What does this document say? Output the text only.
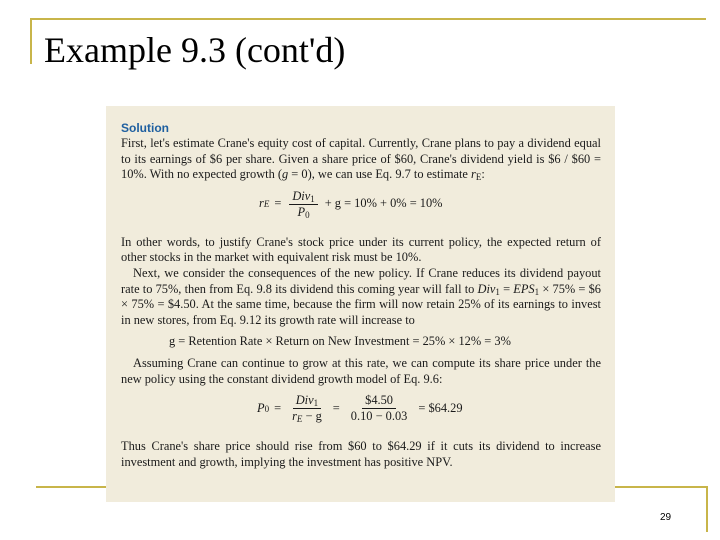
Example 9.3 (cont'd)
Solution

First, let's estimate Crane's equity cost of capital. Currently, Crane plans to pay a dividend equal to its earnings of $6 per share. Given a share price of $60, Crane's dividend yield is $6 / $60 = 10%. With no expected growth (g = 0), we can use Eq. 9.7 to estimate $r_E$:

r $E = \frac{Div_1}{P_0} + g = 10\% + 0\% = 10\%$

In other words, to justify Crane's stock price under its current policy, the expected return of other stocks in the market with equivalent risk must be 10%.

Next, we consider the consequences of the new policy. If Crane reduces its dividend payout rate to 75%, then from Eq. 9.8 its dividend this coming year will fall to $Div_1 = EPS_1 \times 75\%$ = $6 × 75% = $4.50. At the same time, because the firm will now retain 25% of its earnings to invest in new stores, from Eq. 9.12 its growth rate will increase to

g = Retention Rate × Return on New Investment = 25% × 12% = 3%

Assuming Crane can continue to grow at this rate, we can compute its share price under the new policy using the constant dividend growth model of Eq. 9.6:

P $0 = \frac{Div_1}{r_E - g} = \frac{\$4.50}{0.10 - 0.03}$ = $64.29

Thus Crane's share price should rise from $60 to $64.29 if it cuts its dividend to increase investment and growth, implying the investment has positive NPV.

29
